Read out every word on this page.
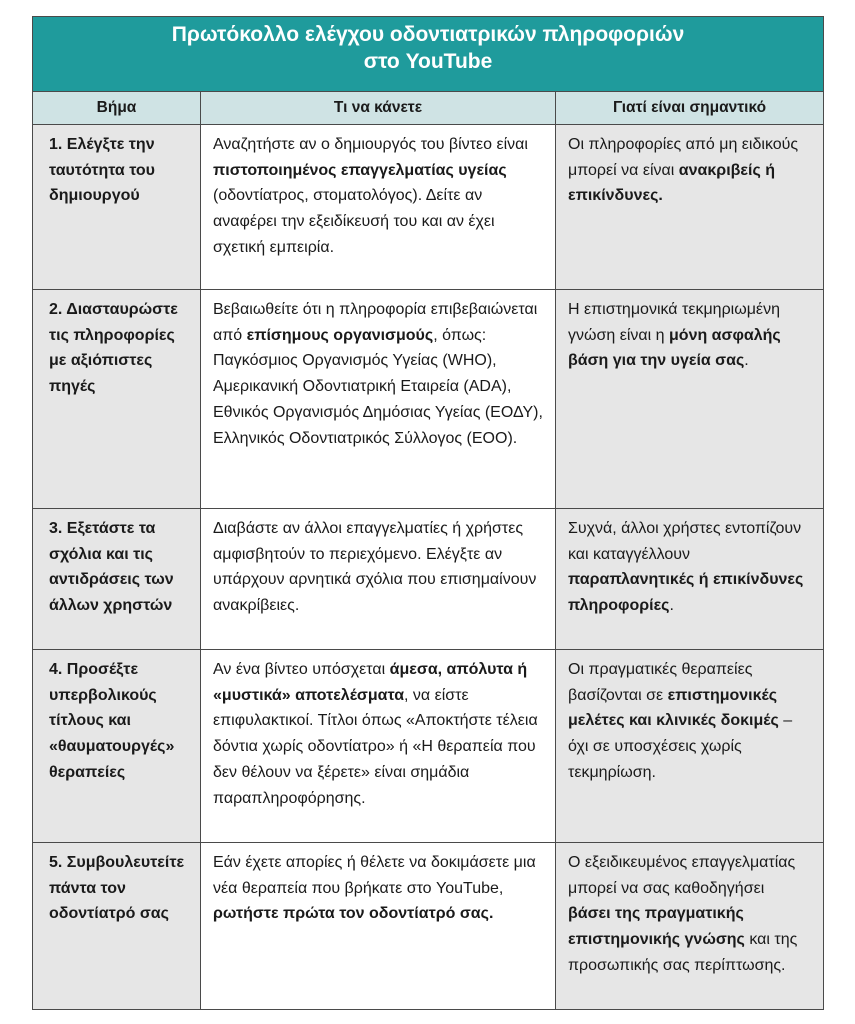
Πρωτόκολλο ελέγχου οδοντιατρικών πληροφοριών
στο YouTube		

Βήμα	Τι να κάνετε	Γιατί είναι σημαντικό
1. Ελέγξτε την ταυτότητα του δημιουργού	Αναζητήστε αν ο δημιουργός του βίντεο είναι πιστοποιημένος επαγγελματίας υγείας (οδοντίατρος, στοματολόγος). Δείτε αν αναφέρει την εξειδίκευσή του και αν έχει σχετική εμπειρία.	Οι πληροφορίες από μη ειδικούς μπορεί να είναι ανακριβείς ή επικίνδυνες.
2. Διασταυρώστε τις πληροφορίες με αξιόπιστες πηγές	Βεβαιωθείτε ότι η πληροφορία επιβεβαιώνεται από επίσημους οργανισμούς, όπως: Παγκόσμιος Οργανισμός Υγείας (WHO), Αμερικανική Οδοντιατρική Εταιρεία (ADA), Εθνικός Οργανισμός Δημόσιας Υγείας (ΕΟΔΥ), Ελληνικός Οδοντιατρικός Σύλλογος (ΕΟΟ).	Η επιστημονικά τεκμηριωμένη γνώση είναι η μόνη ασφαλής βάση για την υγεία σας.
3. Εξετάστε τα σχόλια και τις αντιδράσεις των άλλων χρηστών	Διαβάστε αν άλλοι επαγγελματίες ή χρήστες αμφισβητούν το περιεχόμενο. Ελέγξτε αν υπάρχουν αρνητικά σχόλια που επισημαίνουν ανακρίβειες.	Συχνά, άλλοι χρήστες εντοπίζουν και καταγγέλλουν παραπλανητικές ή επικίνδυνες πληροφορίες.
4. Προσέξτε υπερβολικούς τίτλους και «θαυματουργές» θεραπείες	Αν ένα βίντεο υπόσχεται άμεσα, απόλυτα ή «μυστικά» αποτελέσματα, να είστε επιφυλακτικοί. Τίτλοι όπως «Αποκτήστε τέλεια δόντια χωρίς οδοντίατρο» ή «Η θεραπεία που δεν θέλουν να ξέρετε» είναι σημάδια παραπληροφόρησης.	Οι πραγματικές θεραπείες βασίζονται σε επιστημονικές μελέτες και κλινικές δοκιμές – όχι σε υποσχέσεις χωρίς τεκμηρίωση.
5. Συμβουλευτείτε πάντα τον οδοντίατρό σας	Εάν έχετε απορίες ή θέλετε να δοκιμάσετε μια νέα θεραπεία που βρήκατε στο YouTube, ρωτήστε πρώτα τον οδοντίατρό σας.	Ο εξειδικευμένος επαγγελματίας μπορεί να σας καθοδηγήσει βάσει της πραγματικής επιστημονικής γνώσης και της προσωπικής σας περίπτωσης.
